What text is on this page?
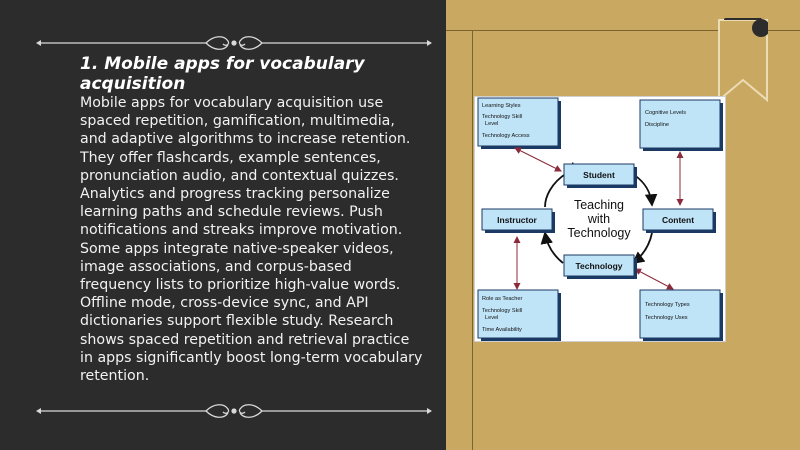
1. Mobile apps for vocabulary acquisition

Mobile apps for vocabulary acquisition use spaced repetition, gamification, multimedia, and adaptive algorithms to increase retention. They offer flashcards, example sentences, pronunciation audio, and contextual quizzes. Analytics and progress tracking personalize learning paths and schedule reviews. Push notifications and streaks improve motivation. Some apps integrate native-speaker videos, image associations, and corpus-based frequency lists to prioritize high-value words. Offline mode, cross-device sync, and API dictionaries support flexible study. Research shows spaced repetition and retrieval practice in apps significantly boost long-term vocabulary retention.

Learning Styles
Technology Skill
Level
Technology Access
Cognitive Levels
Discipline
Role as Teacher
Technology Skill
Level
Time Availability
Technology Types
Technology Uses
Teaching
with
Technology
Student
Content
Instructor
Technology
